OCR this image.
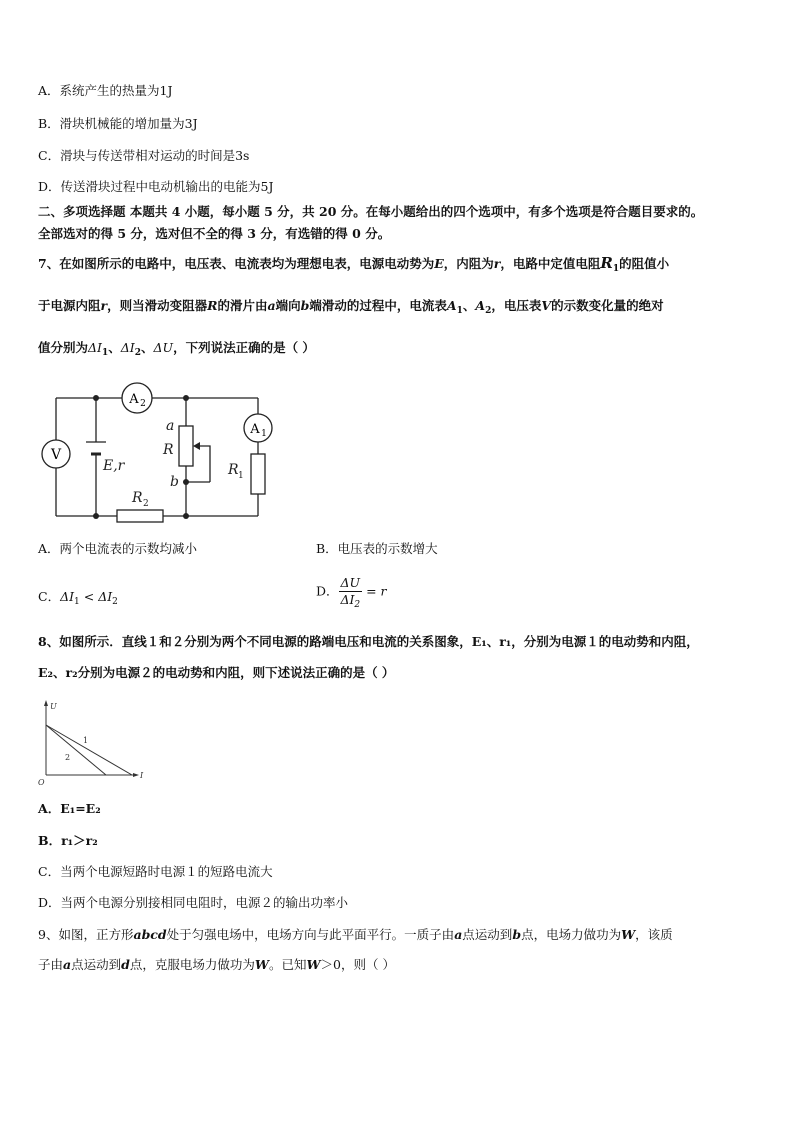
A．系统产生的热量为1J
B．滑块机械能的增加量为3J
C．滑块与传送带相对运动的时间是3s
D．传送滑块过程中电动机输出的电能为5J
二、多项选择题 本题共 4 小题，每小题 5 分，共 20 分。在每小题给出的四个选项中，有多个选项是符合题目要求的。
全部选对的得 5 分，选对但不全的得 3 分，有选错的得 0 分。
7、在如图所示的电路中，电压表、电流表均为理想电表，电源电动势为E，内阻为r，电路中定值电阻$R_1$的阻值小
于电源内阻r，则当滑动变阻器R的滑片由a端向b端滑动的过程中，电流表$A_1$、$A_2$，电压表V的示数变化量的绝对
值分别为$\Delta I_1$、$\Delta I_2$、ΔU，下列说法正确的是（ ）
V
A 2
A 1
a
R
b
E,r
R
R
2
1
A．两个电流表的示数均减小	B．电压表的示数增大
C．$\Delta I_1 < \Delta I_2$
D． $\frac{\Delta U}{\Delta I_2} = r$
8、如图所示．直线１和２分别为两个不同电源的路端电压和电流的关系图象，E₁、r₁，分别为电源１的电动势和内阻，
E₂、r₂分别为电源２的电动势和内阻，则下述说法正确的是（ ）
U
I
O
1
2
A．E₁=E₂
B．r₁＞r₂
C．当两个电源短路时电源１的短路电流大
D．当两个电源分别接相同电阻时，电源２的输出功率小
9、如图，正方形abcd处于匀强电场中，电场方向与此平面平行。一质子由a点运动到b点，电场力做功为W，该质
子由a点运动到d点，克服电场力做功为W。已知W＞0，则（ ）
